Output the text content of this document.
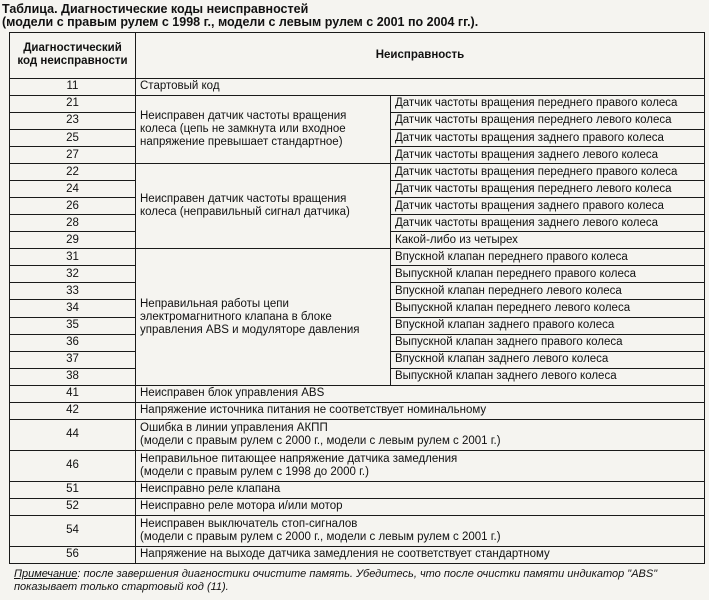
Таблица. Диагностические коды неисправностей
(модели с правым рулем с 1998 г., модели с левым рулем с 2001 по 2004 гг.).
Диагностический
код неисправности	Неисправность	
11	Стартовый код	
21	Неисправен датчик частоты вращения колеса (цепь не замкнута или входное напряжение превышает стандартное)	Датчик частоты вращения переднего правого колеса
23		Датчик частоты вращения переднего левого колеса
25		Датчик частоты вращения заднего правого колеса
27		Датчик частоты вращения заднего левого колеса
22	Неисправен датчик частоты вращения колеса (неправильный сигнал датчика)	Датчик частоты вращения переднего правого колеса
24		Датчик частоты вращения переднего левого колеса
26		Датчик частоты вращения заднего правого колеса
28		Датчик частоты вращения заднего левого колеса
29		Какой-либо из четырех
31	Неправильная работы цепи электромагнитного клапана в блоке управления ABS и модуляторе давления	Впускной клапан переднего правого колеса
32		Выпускной клапан переднего правого колеса
33		Впускной клапан переднего левого колеса
34		Выпускной клапан переднего левого колеса
35		Впускной клапан заднего правого колеса
36		Выпускной клапан заднего правого колеса
37		Впускной клапан заднего левого колеса
38		Выпускной клапан заднего левого колеса
41	Неисправен блок управления ABS	
42	Напряжение источника питания не соответствует номинальному	
44	Ошибка в линии управления АКПП
(модели с правым рулем с 2000 г., модели с левым рулем с 2001 г.)	

46	Неправильное питающее напряжение датчика замедления
(модели с правым рулем с 1998 до 2000 г.)	

51	Неисправно реле клапана	
52	Неисправно реле мотора и/или мотор	
54	Неисправен выключатель стоп-сигналов
(модели с правым рулем с 2000 г., модели с левым рулем с 2001 г.)	

56	Напряжение на выходе датчика замедления не соответствует стандартному	
Примечание: после завершения диагностики очистите память. Убедитесь, что после очистки памяти индикатор "ABS" показывает только стартовый код (11).
